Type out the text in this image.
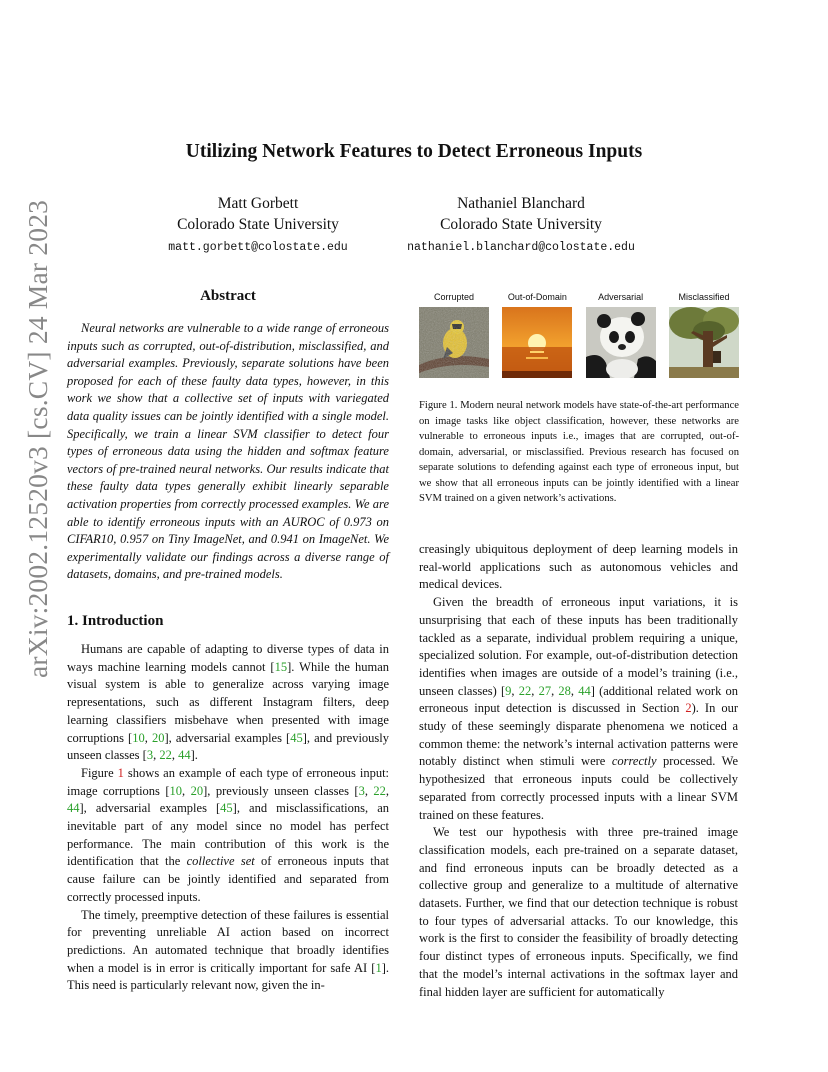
arXiv:2002.12520v3 [cs.CV] 24 Mar 2023
Utilizing Network Features to Detect Erroneous Inputs
Matt Gorbett
Colorado State University
matt.gorbett@colostate.edu
Nathaniel Blanchard
Colorado State University
nathaniel.blanchard@colostate.edu
Abstract

Neural networks are vulnerable to a wide range of erroneous inputs such as corrupted, out-of-distribution, misclassified, and adversarial examples. Previously, separate solutions have been proposed for each of these faulty data types, however, in this work we show that a collective set of inputs with variegated data quality issues can be jointly identified with a single model. Specifically, we train a linear SVM classifier to detect four types of erroneous data using the hidden and softmax feature vectors of pre-trained neural networks. Our results indicate that these faulty data types generally exhibit linearly separable activation properties from correctly processed examples. We are able to identify erroneous inputs with an AUROC of 0.973 on CIFAR10, 0.957 on Tiny ImageNet, and 0.941 on ImageNet. We experimentally validate our findings across a diverse range of datasets, domains, and pre-trained models.

1. Introduction

Humans are capable of adapting to diverse types of data in ways machine learning models cannot [15]. While the human visual system is able to generalize across varying image representations, such as different Instagram filters, deep learning classifiers misbehave when presented with image corruptions [10, 20], adversarial examples [45], and previously unseen classes [3, 22, 44].

Figure 1 shows an example of each type of erroneous input: image corruptions [10, 20], previously unseen classes [3, 22, 44], adversarial examples [45], and misclassifications, an inevitable part of any model since no model has perfect performance. The main contribution of this work is the identification that the collective set of erroneous inputs that cause failure can be jointly identified and separated from correctly processed inputs.

The timely, preemptive detection of these failures is essential for preventing unreliable AI action based on incorrect predictions. An automated technique that broadly identifies when a model is in error is critically important for safe AI [1]. This need is particularly relevant now, given the in-

Corrupted	Out-of-Domain	Adversarial	Misclassified

Figure 1. Modern neural network models have state-of-the-art performance on image tasks like object classification, however, these networks are vulnerable to erroneous inputs i.e., images that are corrupted, out-of-domain, adversarial, or misclassified. Previous research has focused on separate solutions to defending against each type of erroneous input, but we show that all erroneous inputs can be jointly identified with a linear SVM trained on a given network’s activations.

creasingly ubiquitous deployment of deep learning models in real-world applications such as autonomous vehicles and medical devices.

Given the breadth of erroneous input variations, it is unsurprising that each of these inputs has been traditionally tackled as a separate, individual problem requiring a unique, specialized solution. For example, out-of-distribution detection identifies when images are outside of a model’s training (i.e., unseen classes) [9, 22, 27, 28, 44] (additional related work on erroneous input detection is discussed in Section 2). In our study of these seemingly disparate phenomena we noticed a common theme: the network’s internal activation patterns were notably distinct when stimuli were correctly processed. We hypothesized that erroneous inputs could be collectively separated from correctly processed inputs with a linear SVM trained on these features.

We test our hypothesis with three pre-trained image classification models, each pre-trained on a separate dataset, and find erroneous inputs can be broadly detected as a collective group and generalize to a multitude of alternative datasets. Further, we find that our detection technique is robust to four types of adversarial attacks. To our knowledge, this work is the first to consider the feasibility of broadly detecting four distinct types of erroneous inputs. Specifically, we find that the model’s internal activations in the softmax layer and final hidden layer are sufficient for automatically
